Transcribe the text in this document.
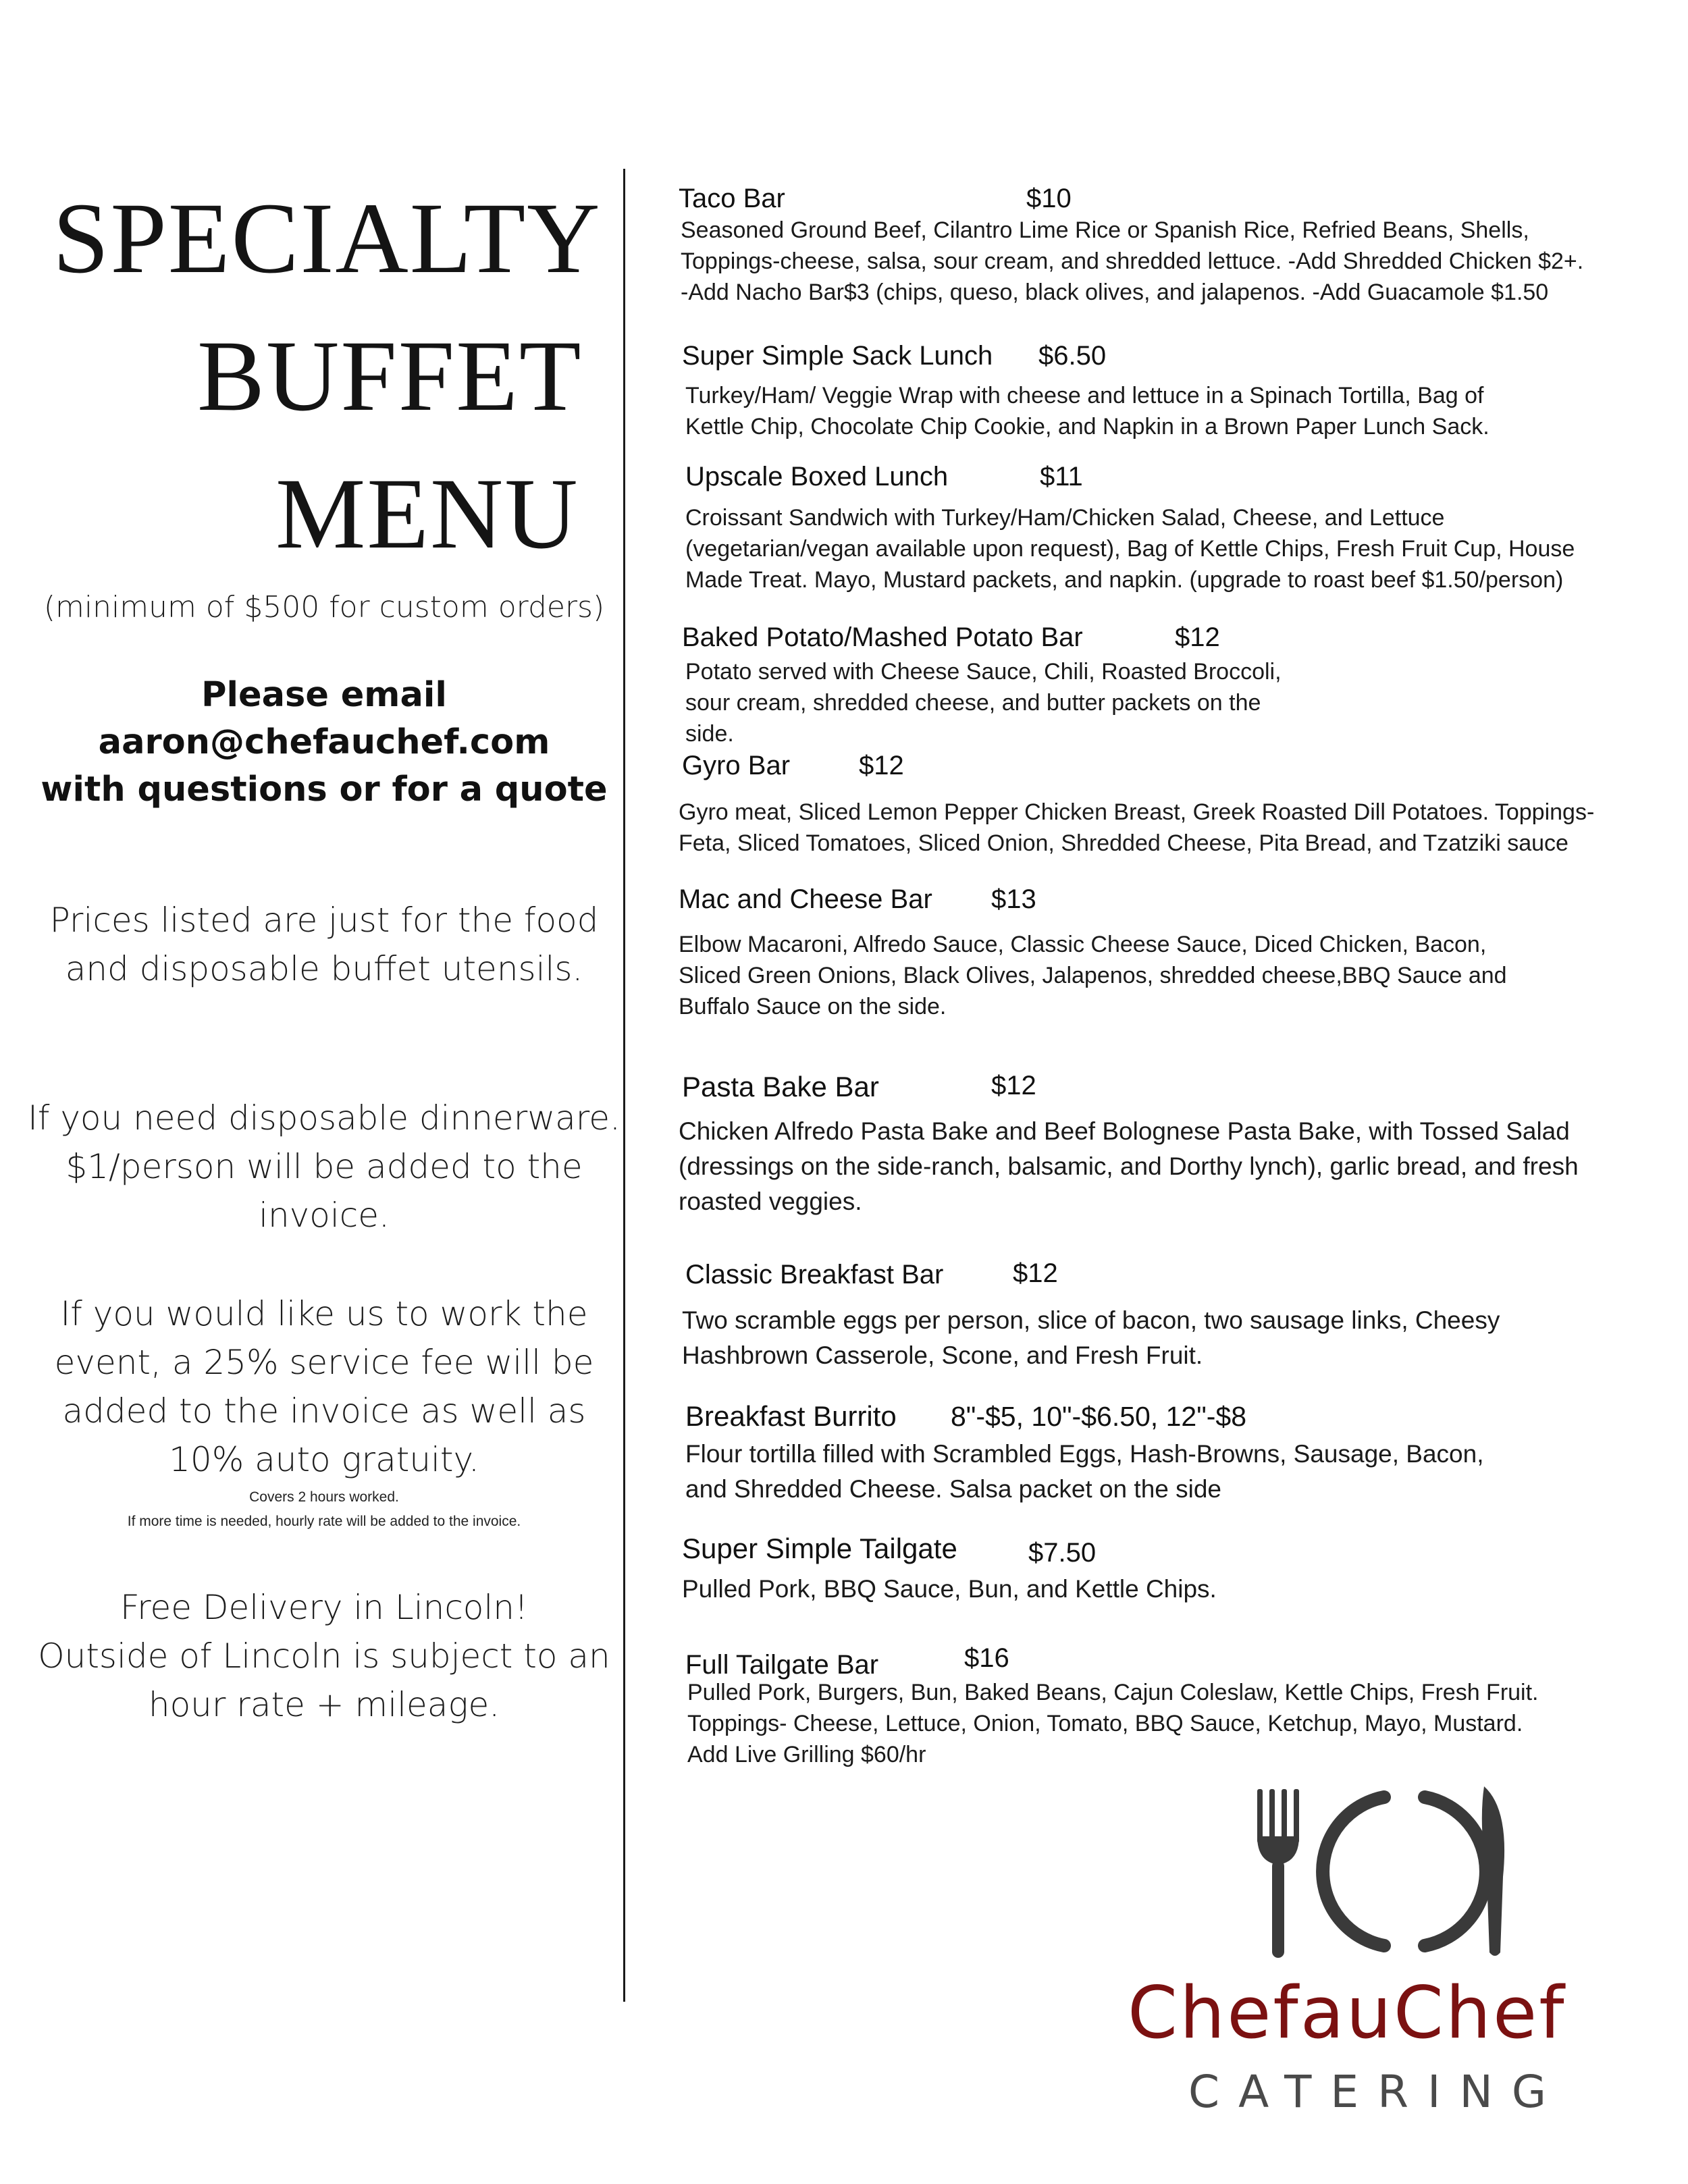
SPECIALTY
BUFFET
MENU
(minimum of $500 for custom orders)
Please email
aaron@chefauchef.com
with questions or for a quote
Prices listed are just for the food
and disposable buffet utensils.
If you need disposable dinnerware.
$1/person will be added to the
invoice.
If you would like us to work the
event, a 25% service fee will be
added to the invoice as well as
10% auto gratuity.
Covers 2 hours worked.
If more time is needed, hourly rate will be added to the invoice.
Free Delivery in Lincoln!
Outside of Lincoln is subject to an
hour rate + mileage.
Taco Bar	$10
Seasoned Ground Beef, Cilantro Lime Rice or Spanish Rice, Refried Beans, Shells,
Toppings-cheese, salsa, sour cream, and shredded lettuce. -Add Shredded Chicken $2+.
-Add Nacho Bar$3 (chips, queso, black olives, and jalapenos. -Add Guacamole $1.50
Super Simple Sack Lunch $6.50
Turkey/Ham/ Veggie Wrap with cheese and lettuce in a Spinach Tortilla, Bag of
Kettle Chip, Chocolate Chip Cookie, and Napkin in a Brown Paper Lunch Sack.
Upscale Boxed Lunch	$11
Croissant Sandwich with Turkey/Ham/Chicken Salad, Cheese, and Lettuce
(vegetarian/vegan available upon request), Bag of Kettle Chips, Fresh Fruit Cup, House
Made Treat. Mayo, Mustard packets, and napkin. (upgrade to roast beef $1.50/person)
Baked Potato/Mashed Potato Bar	$12
Potato served with Cheese Sauce, Chili, Roasted Broccoli,
sour cream, shredded cheese, and butter packets on the
side.
Gyro Bar	$12
Gyro meat, Sliced Lemon Pepper Chicken Breast, Greek Roasted Dill Potatoes. Toppings-
Feta, Sliced Tomatoes, Sliced Onion, Shredded Cheese, Pita Bread, and Tzatziki sauce
Mac and Cheese Bar $13
Elbow Macaroni, Alfredo Sauce, Classic Cheese Sauce, Diced Chicken, Bacon,
Sliced Green Onions, Black Olives, Jalapenos, shredded cheese,BBQ Sauce and
Buffalo Sauce on the side.
Pasta Bake Bar	$12
Chicken Alfredo Pasta Bake and Beef Bolognese Pasta Bake, with Tossed Salad
(dressings on the side-ranch, balsamic, and Dorthy lynch), garlic bread, and fresh
roasted veggies.
Classic Breakfast Bar	$12
Two scramble eggs per person, slice of bacon, two sausage links, Cheesy
Hashbrown Casserole, Scone, and Fresh Fruit.
Breakfast Burrito 8"-$5, 10"-$6.50, 12"-$8
Flour tortilla filled with Scrambled Eggs, Hash-Browns, Sausage, Bacon,
and Shredded Cheese. Salsa packet on the side
Super Simple Tailgate	$7.50
Pulled Pork, BBQ Sauce, Bun, and Kettle Chips.
Full Tailgate Bar	$16
Pulled Pork, Burgers, Bun, Baked Beans, Cajun Coleslaw, Kettle Chips, Fresh Fruit.
Toppings- Cheese, Lettuce, Onion, Tomato, BBQ Sauce, Ketchup, Mayo, Mustard.
Add Live Grilling $60/hr
ChefauChef
CATERING
